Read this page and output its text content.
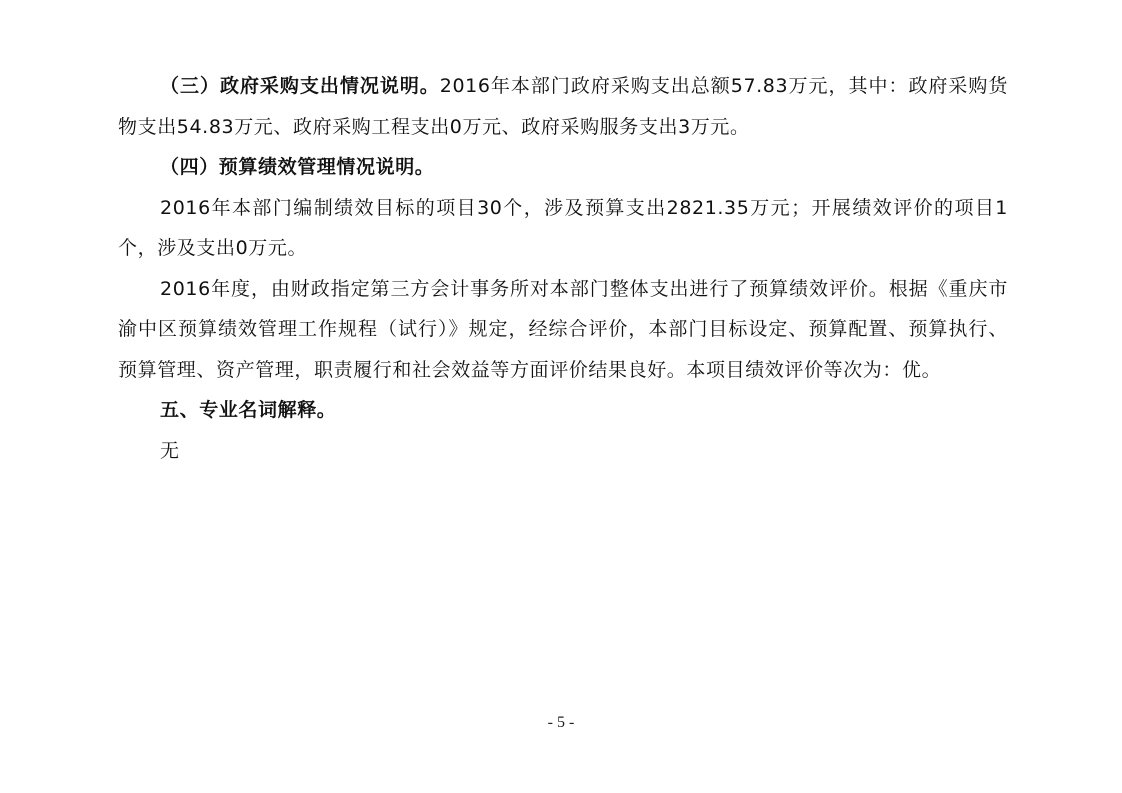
（三）政府采购支出情况说明。2016年本部门政府采购支出总额57.83万元，其中：政府采购货物支出54.83万元、政府采购工程支出0万元、政府采购服务支出3万元。

（四）预算绩效管理情况说明。

2016年本部门编制绩效目标的项目30个，涉及预算支出2821.35万元；开展绩效评价的项目1个，涉及支出0万元。

2016年度，由财政指定第三方会计事务所对本部门整体支出进行了预算绩效评价。根据《重庆市渝中区预算绩效管理工作规程（试行）》规定，经综合评价，本部门目标设定、预算配置、预算执行、预算管理、资产管理，职责履行和社会效益等方面评价结果良好。本项目绩效评价等次为：优。

五、专业名词解释。

无

- 5 -
